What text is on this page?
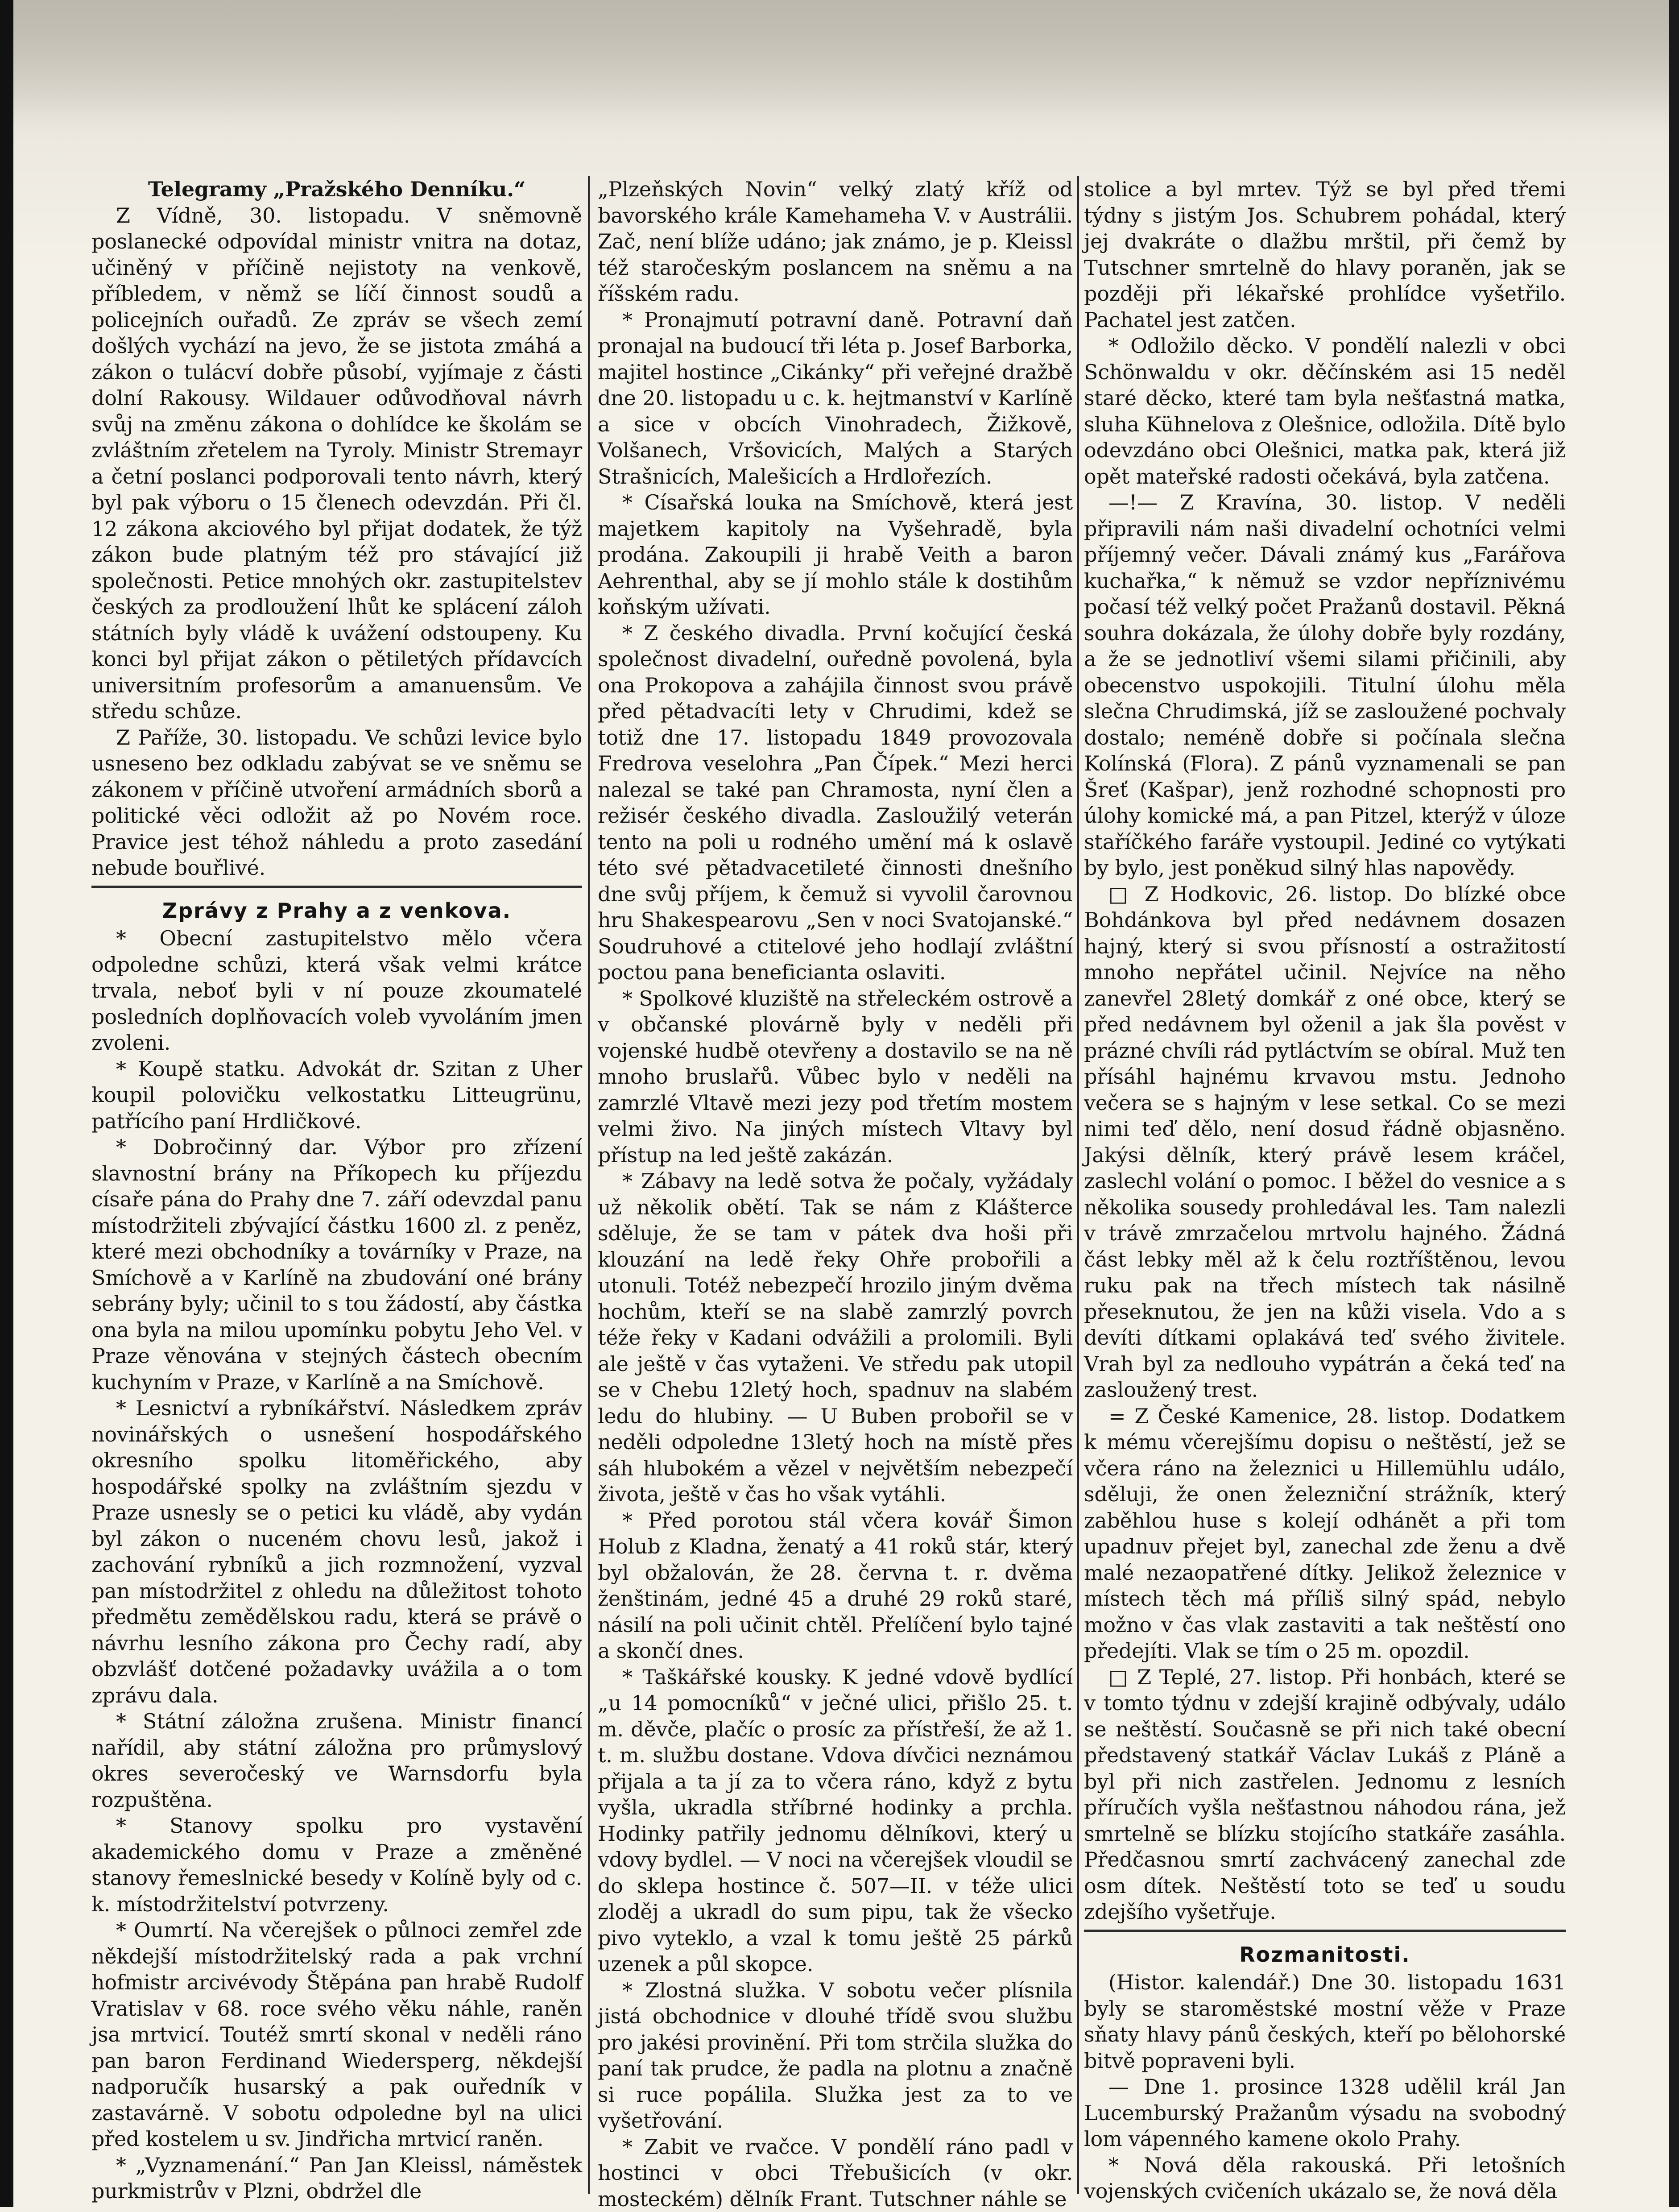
Telegramy „Pražského Denníku.“

Z Vídně, 30. listopadu. V sněmovně poslanecké odpovídal ministr vnitra na dotaz, učiněný v příčině nejistoty na venkově, příbledem, v němž se líčí činnost soudů a policejních ouřadů. Ze zpráv se všech zemí došlých vychází na jevo, že se jistota zmáhá a zákon o tulácví dobře působí, vyjímaje z části dolní Rakousy. Wildauer odůvodňoval návrh svůj na změnu zákona o dohlídce ke školám se zvláštním zřetelem na Tyroly. Ministr Stremayr a četní poslanci podporovali tento návrh, který byl pak výboru o 15 členech odevzdán. Při čl. 12 zákona akciového byl přijat dodatek, že týž zákon bude platným též pro stávající již společnosti. Petice mnohých okr. zastupitelstev českých za prodloužení lhůt ke splácení záloh státních byly vládě k uvážení odstoupeny. Ku konci byl přijat zákon o pětiletých přídavcích universitním profesorům a amanuensům. Ve středu schůze.

Z Paříže, 30. listopadu. Ve schůzi levice bylo usneseno bez odkladu zabývat se ve sněmu se zákonem v příčině utvoření armádních sborů a politické věci odložit až po Novém roce. Pravice jest téhož náhledu a proto zasedání nebude bouřlivé.

Zprávy z Prahy a z venkova.

* Obecní zastupitelstvo mělo včera odpoledne schůzi, která však velmi krátce trvala, neboť byli v ní pouze zkoumatelé posledních doplňovacích voleb vyvoláním jmen zvoleni.

* Koupě statku. Advokát dr. Szitan z Uher koupil polovičku velkostatku Litteugrünu, patřícího paní Hrdličkové.

* Dobročinný dar. Výbor pro zřízení slavnostní brány na Příkopech ku příjezdu císaře pána do Prahy dne 7. září odevzdal panu místodržiteli zbývající částku 1600 zl. z peněz, které mezi obchodníky a továrníky v Praze, na Smíchově a v Karlíně na zbudování oné brány sebrány byly; učinil to s tou žádostí, aby částka ona byla na milou upomínku pobytu Jeho Vel. v Praze věnována v stejných částech obecním kuchyním v Praze, v Karlíně a na Smíchově.

* Lesnictví a rybníkářství. Následkem zpráv novinářských o usnešení hospodářského okresního spolku litoměřického, aby hospodářské spolky na zvláštním sjezdu v Praze usnesly se o petici ku vládě, aby vydán byl zákon o nuceném chovu lesů, jakož i zachování rybníků a jich rozmnožení, vyzval pan místodržitel z ohledu na důležitost tohoto předmětu zemědělskou radu, která se právě o návrhu lesního zákona pro Čechy radí, aby obzvlášť dotčené požadavky uvážila a o tom zprávu dala.

* Státní záložna zrušena. Ministr financí nařídil, aby státní záložna pro průmyslový okres severočeský ve Warnsdorfu byla rozpuštěna.

* Stanovy spolku pro vystavění akademického domu v Praze a změněné stanovy řemeslnické besedy v Kolíně byly od c. k. místodržitelství potvrzeny.

* Oumrtí. Na včerejšek o půlnoci zemřel zde někdejší místodržitelský rada a pak vrchní hofmistr arcivévody Štěpána pan hrabě Rudolf Vratislav v 68. roce svého věku náhle, raněn jsa mrtvicí. Toutéž smrtí skonal v neděli ráno pan baron Ferdinand Wiedersperg, někdejší nadporučík husarský a pak ouředník v zastavárně. V sobotu odpoledne byl na ulici před kostelem u sv. Jindřicha mrtvicí raněn.

* „Vyznamenání.“ Pan Jan Kleissl, náměstek purkmistrův v Plzni, obdržel dle

„Plzeňských Novin“ velký zlatý kříž od bavorského krále Kamehameha V. v Austrálii. Zač, není blíže udáno; jak známo, je p. Kleissl též staročeským poslancem na sněmu a na říšském radu.

* Pronajmutí potravní daně. Potravní daň pronajal na budoucí tři léta p. Josef Barborka, majitel hostince „Cikánky“ při veřejné dražbě dne 20. listopadu u c. k. hejtmanství v Karlíně a sice v obcích Vinohradech, Žižkově, Volšanech, Vršovicích, Malých a Starých Strašnicích, Malešicích a Hrdlořezích.

* Císařská louka na Smíchově, která jest majetkem kapitoly na Vyšehradě, byla prodána. Zakoupili ji hrabě Veith a baron Aehrenthal, aby se jí mohlo stále k dostihům koňským užívati.

* Z českého divadla. První kočující česká společnost divadelní, ouředně povolená, byla ona Prokopova a zahájila činnost svou právě před pětadvacíti lety v Chrudimi, kdež se totiž dne 17. listopadu 1849 provozovala Fredrova veselohra „Pan Čípek.“ Mezi herci nalezal se také pan Chramosta, nyní člen a režisér českého divadla. Zasloužilý veterán tento na poli u rodného umění má k oslavě této své pětadvacetileté činnosti dnešního dne svůj příjem, k čemuž si vyvolil čarovnou hru Shakespearovu „Sen v noci Svatojanské.“ Soudruhové a ctitelové jeho hodlají zvláštní poctou pana beneficianta oslaviti.

* Spolkové kluziště na střeleckém ostrově a v občanské plovárně byly v neděli při vojenské hudbě otevřeny a dostavilo se na ně mnoho bruslařů. Vůbec bylo v neděli na zamrzlé Vltavě mezi jezy pod třetím mostem velmi živo. Na jiných místech Vltavy byl přístup na led ještě zakázán.

* Zábavy na ledě sotva že počaly, vyžádaly už několik obětí. Tak se nám z Klášterce sděluje, že se tam v pátek dva hoši při klouzání na ledě řeky Ohře probořili a utonuli. Totéž nebezpečí hrozilo jiným dvěma hochům, kteří se na slabě zamrzlý povrch téže řeky v Kadani odvážili a prolomili. Byli ale ještě v čas vytaženi. Ve středu pak utopil se v Chebu 12letý hoch, spadnuv na slabém ledu do hlubiny. — U Buben probořil se v neděli odpoledne 13letý hoch na místě přes sáh hlubokém a vězel v největším nebezpečí života, ještě v čas ho však vytáhli.

* Před porotou stál včera kovář Šimon Holub z Kladna, ženatý a 41 roků stár, který byl obžalován, že 28. června t. r. dvěma ženštinám, jedné 45 a druhé 29 roků staré, násilí na poli učinit chtěl. Přelíčení bylo tajné a skončí dnes.

* Taškářské kousky. K jedné vdově bydlící „u 14 pomocníků“ v ječné ulici, přišlo 25. t. m. děvče, plačíc o prosíc za přístřeší, že až 1. t. m. službu dostane. Vdova dívčici neznámou přijala a ta jí za to včera ráno, když z bytu vyšla, ukradla stříbrné hodinky a prchla. Hodinky patřily jednomu dělníkovi, který u vdovy bydlel. — V noci na včerejšek vloudil se do sklepa hostince č. 507—II. v téže ulici zloděj a ukradl do sum pipu, tak že všecko pivo vyteklo, a vzal k tomu ještě 25 párků uzenek a půl skopce.

* Zlostná služka. V sobotu večer plísnila jistá obchodnice v dlouhé třídě svou službu pro jakési provinění. Při tom strčila služka do paní tak prudce, že padla na plotnu a značně si ruce popálila. Služka jest za to ve vyšetřování.

* Zabit ve rvačce. V pondělí ráno padl v hostinci v obci Třebušicích (v okr. mosteckém) dělník Frant. Tutschner náhle se

stolice a byl mrtev. Týž se byl před třemi týdny s jistým Jos. Schubrem pohádal, který jej dvakráte o dlažbu mrštil, při čemž by Tutschner smrtelně do hlavy poraněn, jak se později při lékařské prohlídce vyšetřilo. Pachatel jest zatčen.

* Odložilo děcko. V pondělí nalezli v obci Schönwaldu v okr. děčínském asi 15 neděl staré děcko, které tam byla nešťastná matka, sluha Kühnelova z Olešnice, odložila. Dítě bylo odevzdáno obci Olešnici, matka pak, která již opět mateřské radosti očekává, byla zatčena.

—!— Z Kravína, 30. listop. V neděli připravili nám naši divadelní ochotníci velmi příjemný večer. Dávali známý kus „Farářova kuchařka,“ k němuž se vzdor nepříznivému počasí též velký počet Pražanů dostavil. Pěkná souhra dokázala, že úlohy dobře byly rozdány, a že se jednotliví všemi silami přičinili, aby obecenstvo uspokojili. Titulní úlohu měla slečna Chrudimská, jíž se zasloužené pochvaly dostalo; neméně dobře si počínala slečna Kolínská (Flora). Z pánů vyznamenali se pan Šreť (Kašpar), jenž rozhodné schopnosti pro úlohy komické má, a pan Pitzel, kterýž v úloze staříčkého faráře vystoupil. Jediné co vytýkati by bylo, jest poněkud silný hlas napovědy.

□ Z Hodkovic, 26. listop. Do blízké obce Bohdánkova byl před nedávnem dosazen hajný, který si svou přísností a ostražitostí mnoho nepřátel učinil. Nejvíce na něho zanevřel 28letý domkář z oné obce, který se před nedávnem byl oženil a jak šla pověst v prázné chvíli rád pytláctvím se obíral. Muž ten přísáhl hajnému krvavou mstu. Jednoho večera se s hajným v lese setkal. Co se mezi nimi teď dělo, není dosud řádně objasněno. Jakýsi dělník, který právě lesem kráčel, zaslechl volání o pomoc. I běžel do vesnice a s několika sousedy prohledával les. Tam nalezli v trávě zmrzačelou mrtvolu hajného. Žádná část lebky měl až k čelu roztříštěnou, levou ruku pak na třech místech tak násilně přeseknutou, že jen na kůži visela. Vdo a s devíti dítkami oplakává teď svého živitele. Vrah byl za nedlouho vypátrán a čeká teď na zasloužený trest.

= Z České Kamenice, 28. listop. Dodatkem k mému včerejšímu dopisu o neštěstí, jež se včera ráno na železnici u Hillemühlu událo, sděluji, že onen železniční strážník, který zaběhlou huse s kolejí odhánět a při tom upadnuv přejet byl, zanechal zde ženu a dvě malé nezaopatřené dítky. Jelikož železnice v místech těch má příliš silný spád, nebylo možno v čas vlak zastaviti a tak neštěstí ono předejíti. Vlak se tím o 25 m. opozdil.

□ Z Teplé, 27. listop. Při honbách, které se v tomto týdnu v zdejší krajině odbývaly, událo se neštěstí. Současně se při nich také obecní představený statkář Václav Lukáš z Pláně a byl při nich zastřelen. Jednomu z lesních příručích vyšla nešťastnou náhodou rána, jež smrtelně se blízku stojícího statkáře zasáhla. Předčasnou smrtí zachvácený zanechal zde osm dítek. Neštěstí toto se teď u soudu zdejšího vyšetřuje.

Rozmanitosti.

(Histor. kalendář.) Dne 30. listopadu 1631 byly se staroměstské mostní věže v Praze sňaty hlavy pánů českých, kteří po bělohorské bitvě popraveni byli.

— Dne 1. prosince 1328 udělil král Jan Lucemburský Pražanům výsadu na svobodný lom vápenného kamene okolo Prahy.

* Nová děla rakouská. Při letošních vojenských cvičeních ukázalo se, že nová děla
